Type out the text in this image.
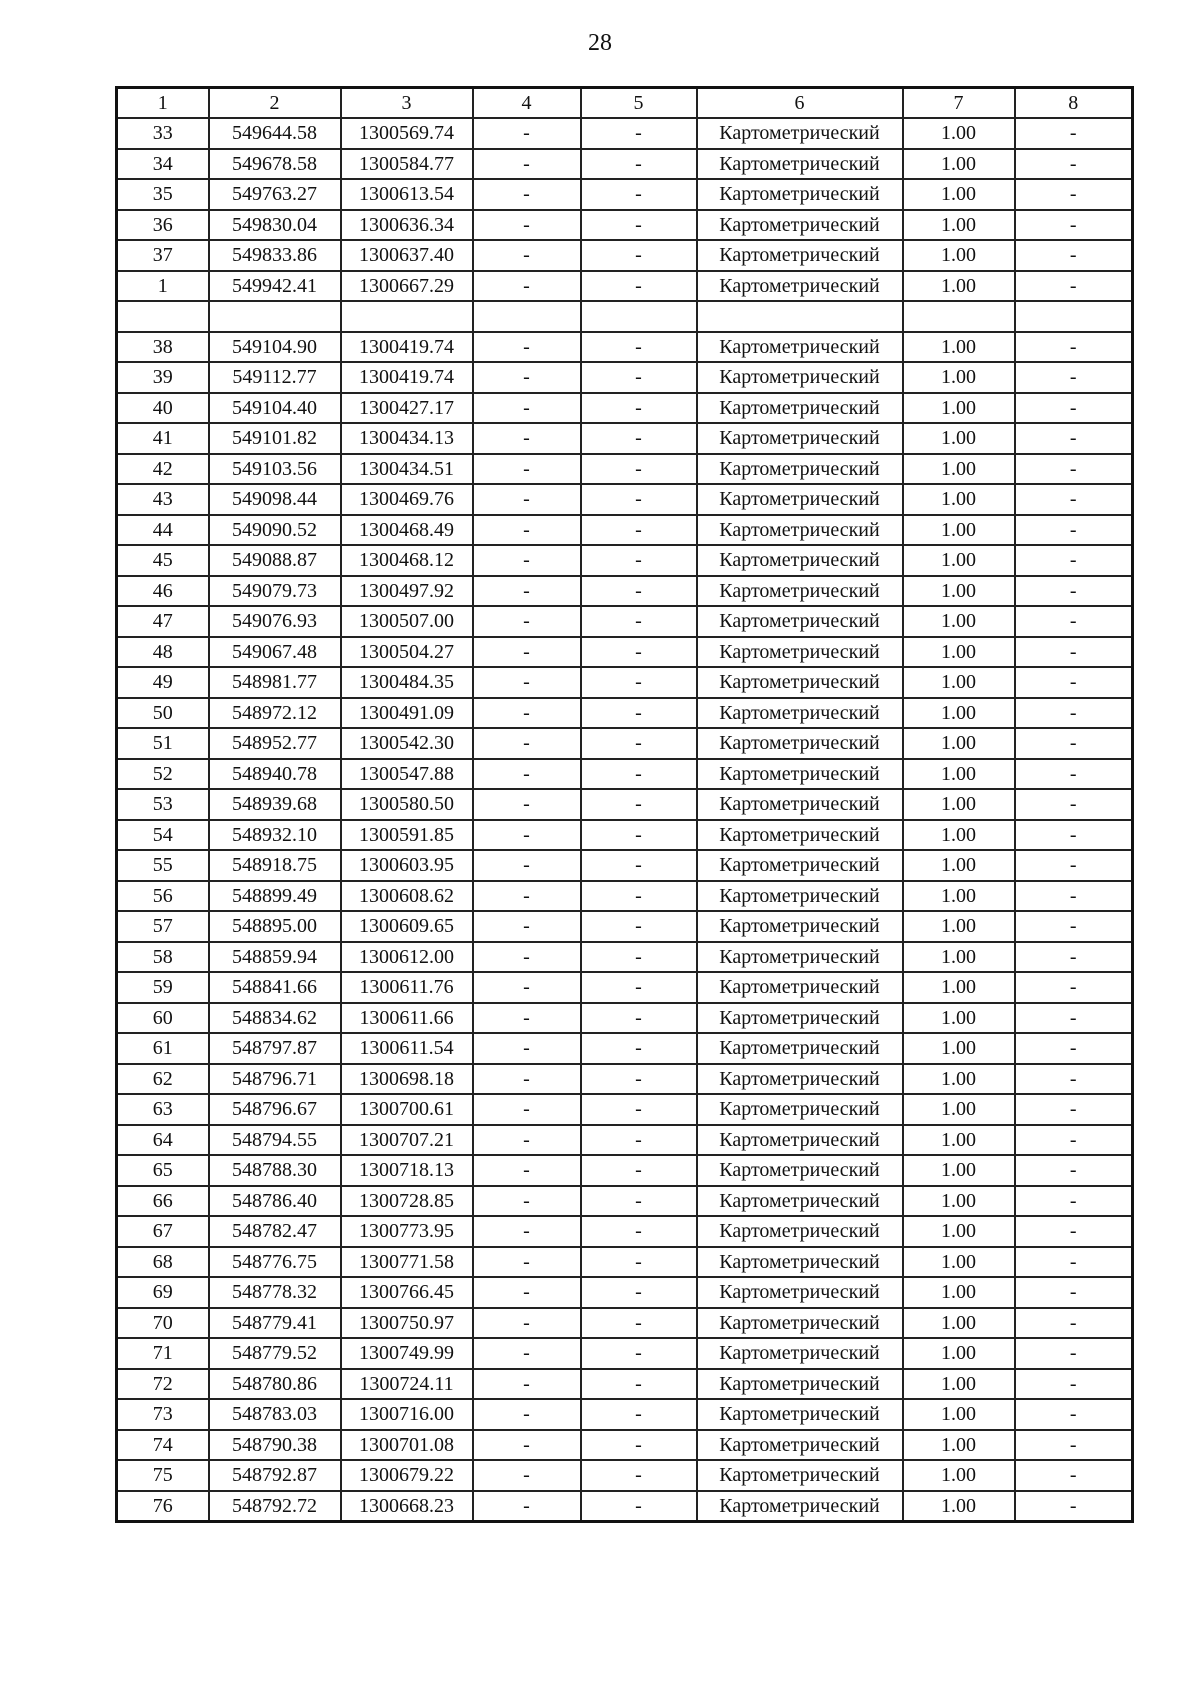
28
1	2	3	4	5	6	7	8
33	549644.58	1300569.74	-	-	Картометрический	1.00	-
34	549678.58	1300584.77	-	-	Картометрический	1.00	-
35	549763.27	1300613.54	-	-	Картометрический	1.00	-
36	549830.04	1300636.34	-	-	Картометрический	1.00	-
37	549833.86	1300637.40	-	-	Картометрический	1.00	-
1	549942.41	1300667.29	-	-	Картометрический	1.00	-

38	549104.90	1300419.74	-	-	Картометрический	1.00	-
39	549112.77	1300419.74	-	-	Картометрический	1.00	-
40	549104.40	1300427.17	-	-	Картометрический	1.00	-
41	549101.82	1300434.13	-	-	Картометрический	1.00	-
42	549103.56	1300434.51	-	-	Картометрический	1.00	-
43	549098.44	1300469.76	-	-	Картометрический	1.00	-
44	549090.52	1300468.49	-	-	Картометрический	1.00	-
45	549088.87	1300468.12	-	-	Картометрический	1.00	-
46	549079.73	1300497.92	-	-	Картометрический	1.00	-
47	549076.93	1300507.00	-	-	Картометрический	1.00	-
48	549067.48	1300504.27	-	-	Картометрический	1.00	-
49	548981.77	1300484.35	-	-	Картометрический	1.00	-
50	548972.12	1300491.09	-	-	Картометрический	1.00	-
51	548952.77	1300542.30	-	-	Картометрический	1.00	-
52	548940.78	1300547.88	-	-	Картометрический	1.00	-
53	548939.68	1300580.50	-	-	Картометрический	1.00	-
54	548932.10	1300591.85	-	-	Картометрический	1.00	-
55	548918.75	1300603.95	-	-	Картометрический	1.00	-
56	548899.49	1300608.62	-	-	Картометрический	1.00	-
57	548895.00	1300609.65	-	-	Картометрический	1.00	-
58	548859.94	1300612.00	-	-	Картометрический	1.00	-
59	548841.66	1300611.76	-	-	Картометрический	1.00	-
60	548834.62	1300611.66	-	-	Картометрический	1.00	-
61	548797.87	1300611.54	-	-	Картометрический	1.00	-
62	548796.71	1300698.18	-	-	Картометрический	1.00	-
63	548796.67	1300700.61	-	-	Картометрический	1.00	-
64	548794.55	1300707.21	-	-	Картометрический	1.00	-
65	548788.30	1300718.13	-	-	Картометрический	1.00	-
66	548786.40	1300728.85	-	-	Картометрический	1.00	-
67	548782.47	1300773.95	-	-	Картометрический	1.00	-
68	548776.75	1300771.58	-	-	Картометрический	1.00	-
69	548778.32	1300766.45	-	-	Картометрический	1.00	-
70	548779.41	1300750.97	-	-	Картометрический	1.00	-
71	548779.52	1300749.99	-	-	Картометрический	1.00	-
72	548780.86	1300724.11	-	-	Картометрический	1.00	-
73	548783.03	1300716.00	-	-	Картометрический	1.00	-
74	548790.38	1300701.08	-	-	Картометрический	1.00	-
75	548792.87	1300679.22	-	-	Картометрический	1.00	-
76	548792.72	1300668.23	-	-	Картометрический	1.00	-
